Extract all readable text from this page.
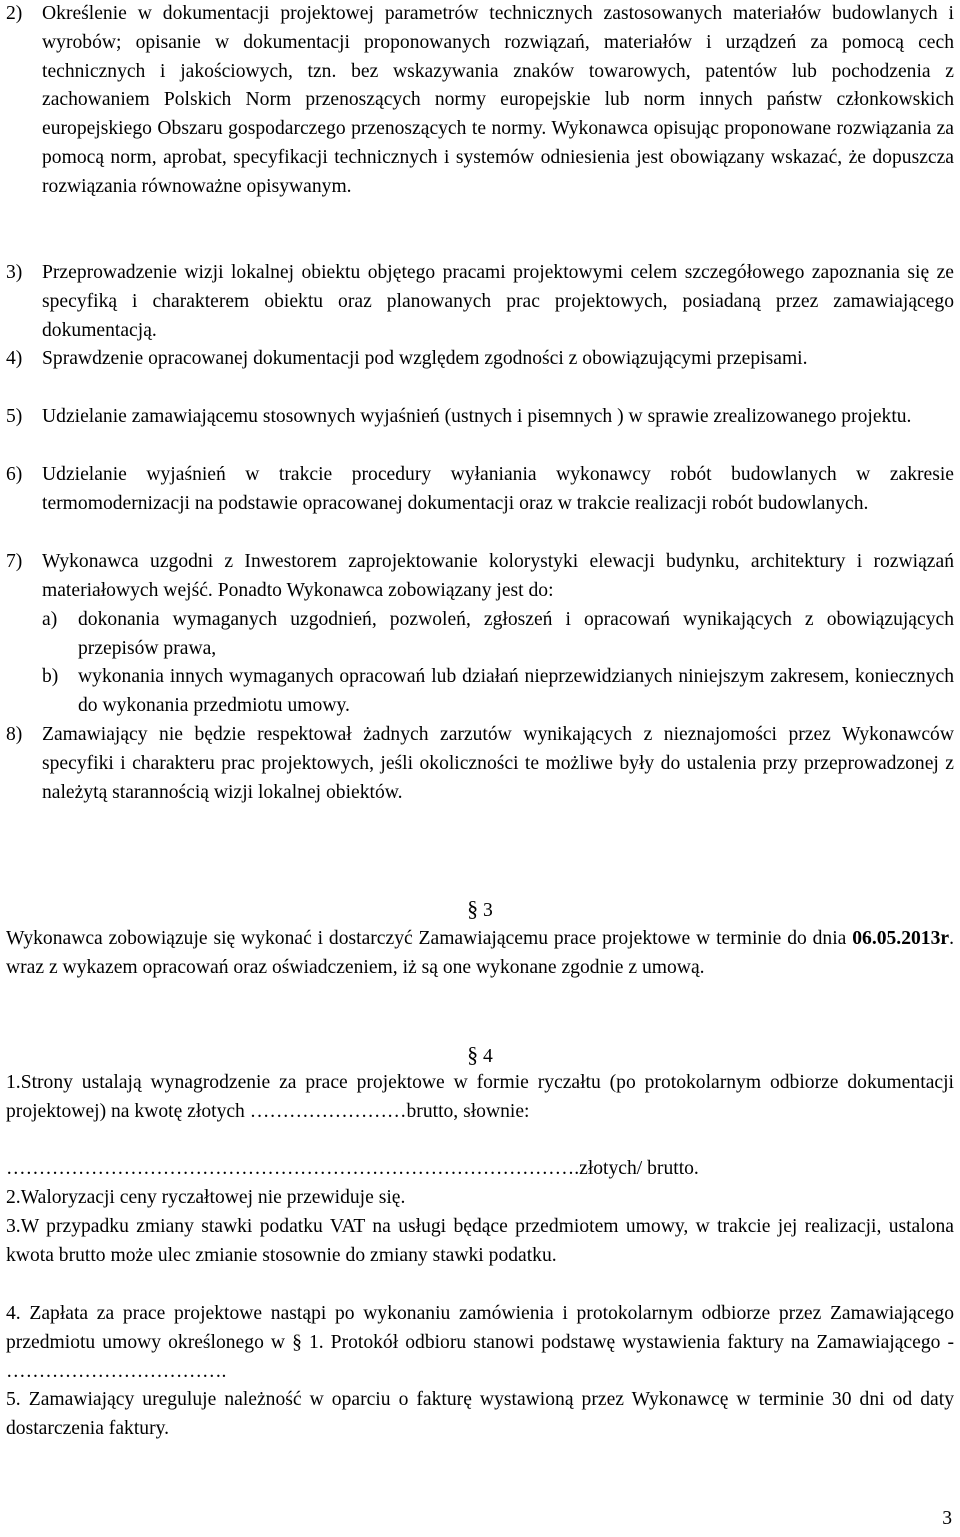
2)	Określenie w dokumentacji projektowej parametrów technicznych zastosowanych materiałów budowlanych i wyrobów; opisanie w dokumentacji proponowanych rozwiązań, materiałów i urządzeń za pomocą cech technicznych i jakościowych, tzn. bez wskazywania znaków towarowych, patentów lub pochodzenia z zachowaniem Polskich Norm przenoszących normy europejskie lub norm innych państw członkowskich europejskiego Obszaru gospodarczego przenoszących te normy. Wykonawca opisując proponowane rozwiązania za pomocą norm, aprobat, specyfikacji technicznych i systemów odniesienia jest obowiązany wskazać, że dopuszcza rozwiązania równoważne opisywanym.
3)	Przeprowadzenie wizji lokalnej obiektu objętego pracami projektowymi celem szczegółowego zapoznania się ze specyfiką i charakterem obiektu oraz planowanych prac projektowych, posiadaną przez zamawiającego dokumentacją.
4)	Sprawdzenie opracowanej dokumentacji pod względem zgodności z obowiązującymi przepisami.
5)	Udzielanie zamawiającemu stosownych wyjaśnień (ustnych i pisemnych ) w sprawie zrealizowanego projektu.
6)	Udzielanie wyjaśnień w trakcie procedury wyłaniania wykonawcy robót budowlanych w zakresie termomodernizacji na podstawie opracowanej dokumentacji oraz w trakcie realizacji robót budowlanych.
7)	Wykonawca uzgodni z Inwestorem zaprojektowanie kolorystyki elewacji budynku, architektury i rozwiązań materiałowych wejść. Ponadto Wykonawca zobowiązany jest do:
a)	dokonania wymaganych uzgodnień, pozwoleń, zgłoszeń i opracowań wynikających z obowiązujących przepisów prawa,
b)	wykonania innych wymaganych opracowań lub działań nieprzewidzianych niniejszym zakresem, koniecznych do wykonania przedmiotu umowy.
8)	Zamawiający nie będzie respektował żadnych zarzutów wynikających z nieznajomości przez Wykonawców specyfiki i charakteru prac projektowych, jeśli okoliczności te możliwe były do ustalenia przy przeprowadzonej z należytą starannością wizji lokalnej obiektów.
§ 3
Wykonawca zobowiązuje się wykonać i dostarczyć Zamawiającemu prace projektowe w terminie do dnia 06.05.2013r. wraz z wykazem opracowań oraz oświadczeniem, iż są one wykonane zgodnie z umową.
§ 4
1.Strony ustalają wynagrodzenie za prace projektowe w formie ryczałtu (po protokolarnym odbiorze dokumentacji projektowej) na kwotę złotych ……………………brutto, słownie:
…………………………………………………………………………….złotych/ brutto.
2.Waloryzacji ceny ryczałtowej nie przewiduje się.
3.W przypadku zmiany stawki podatku VAT na usługi będące przedmiotem umowy, w trakcie jej realizacji, ustalona kwota brutto może ulec zmianie stosownie do zmiany stawki podatku.
4. Zapłata za prace projektowe nastąpi po wykonaniu zamówienia i protokolarnym odbiorze przez Zamawiającego przedmiotu umowy określonego w § 1. Protokół odbioru stanowi podstawę wystawienia faktury na Zamawiającego - …………………………….
5. Zamawiający ureguluje należność w oparciu o fakturę wystawioną przez Wykonawcę w terminie 30 dni od daty dostarczenia faktury.
3
